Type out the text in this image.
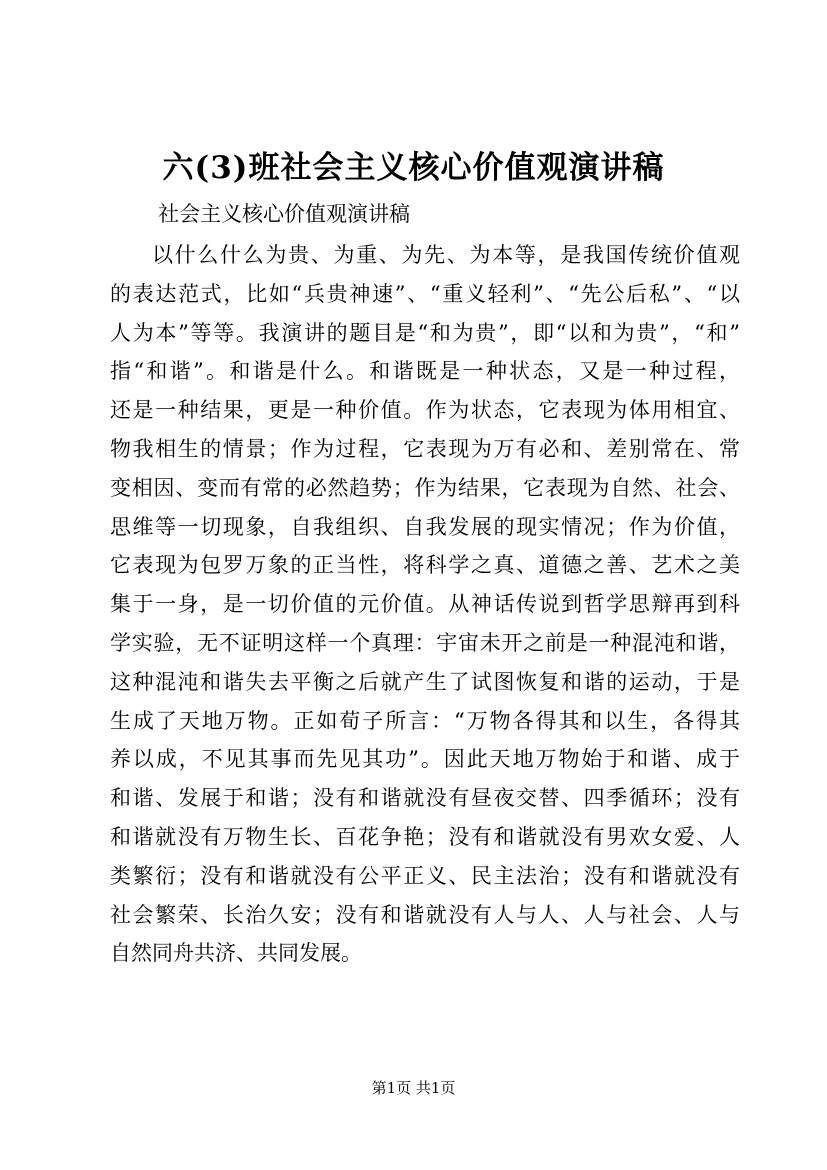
六(3)班社会主义核心价值观演讲稿
社会主义核心价值观演讲稿
以什么什么为贵、为重、为先、为本等，是我国传统价值观
的表达范式，比如“兵贵神速”、“重义轻利”、“先公后私”、“以
人为本”等等。我演讲的题目是“和为贵”，即“以和为贵”，“和”
指“和谐”。和谐是什么。和谐既是一种状态，又是一种过程，
还是一种结果，更是一种价值。作为状态，它表现为体用相宜、
物我相生的情景；作为过程，它表现为万有必和、差别常在、常
变相因、变而有常的必然趋势；作为结果，它表现为自然、社会、
思维等一切现象，自我组织、自我发展的现实情况；作为价值，
它表现为包罗万象的正当性，将科学之真、道德之善、艺术之美
集于一身，是一切价值的元价值。从神话传说到哲学思辩再到科
学实验，无不证明这样一个真理：宇宙未开之前是一种混沌和谐，
这种混沌和谐失去平衡之后就产生了试图恢复和谐的运动，于是
生成了天地万物。正如荀子所言：“万物各得其和以生，各得其
养以成，不见其事而先见其功”。因此天地万物始于和谐、成于
和谐、发展于和谐；没有和谐就没有昼夜交替、四季循环；没有
和谐就没有万物生长、百花争艳；没有和谐就没有男欢女爱、人
类繁衍；没有和谐就没有公平正义、民主法治；没有和谐就没有
社会繁荣、长治久安；没有和谐就没有人与人、人与社会、人与
自然同舟共济、共同发展。
第1页 共1页
